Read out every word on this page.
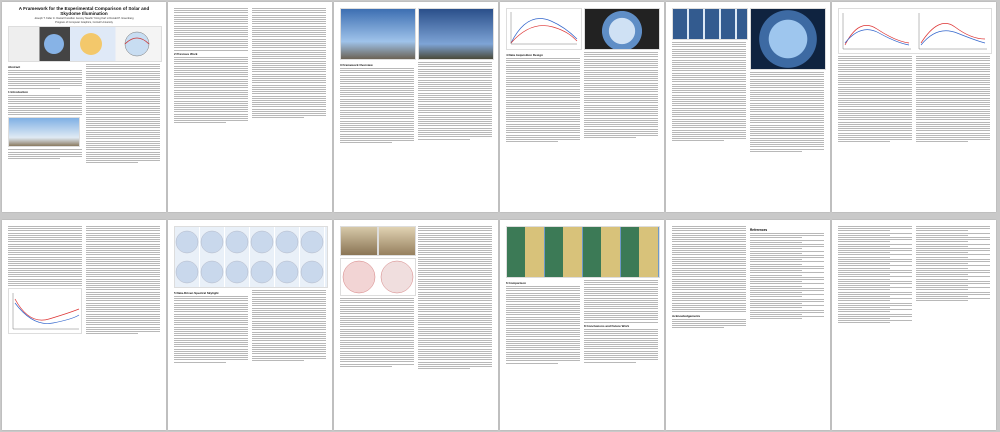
A Framework for the Experimental Comparison of Solar and Skydome Illumination
Joseph T. Kider Jr. Daniel Knowlton Jeremy Newlin Yining Karl Li Donald P. Greenberg
Program of Computer Graphics, Cornell University
Abstract
1 Introduction
2 Previous Work
3 Framework Overview
4 Data Acquisition Design
5 Data-Driven Spectral Skylight
6 Comparison
8 Conclusions and Future Work
Acknowledgements
References
